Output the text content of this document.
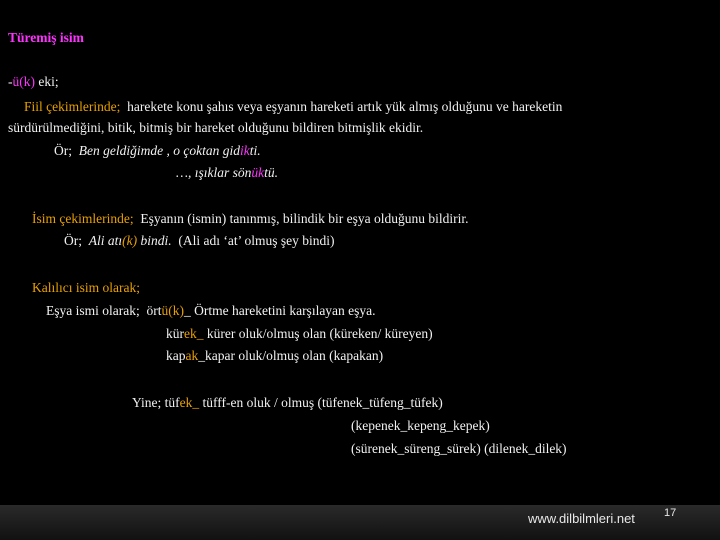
Türemiş isim
-ü(k) eki;
Fiil çekimlerinde; harekete konu şahıs veya eşyanın hareketi artık yük almış olduğunu ve hareketin
sürdürülmediğini, bitik, bitmiş bir hareket olduğunu bildiren bitmişlik ekidir.
Ör; Ben geldiğimde , o çoktan gidikti.
…, ışıklar sönüktü.
İsim çekimlerinde; Eşyanın (ismin) tanınmış, bilindik bir eşya olduğunu bildirir.
Ör; Ali atı(k) bindi. (Ali adı ‘at’ olmuş şey bindi)
Kalılıcı isim olarak;
Eşya ismi olarak; örtü(k)_ Örtme hareketini karşılayan eşya.
kürek_ kürer oluk/olmuş olan (küreken/ küreyen)
kapak_kapar oluk/olmuş olan (kapakan)
Yine; tüfek_ tüfff-en oluk / olmuş (tüfenek_tüfeng_tüfek)
(kepenek_kepeng_kepek)
(sürenek_süreng_sürek) (dilenek_dilek)
www.dilbilmleri.net	17
